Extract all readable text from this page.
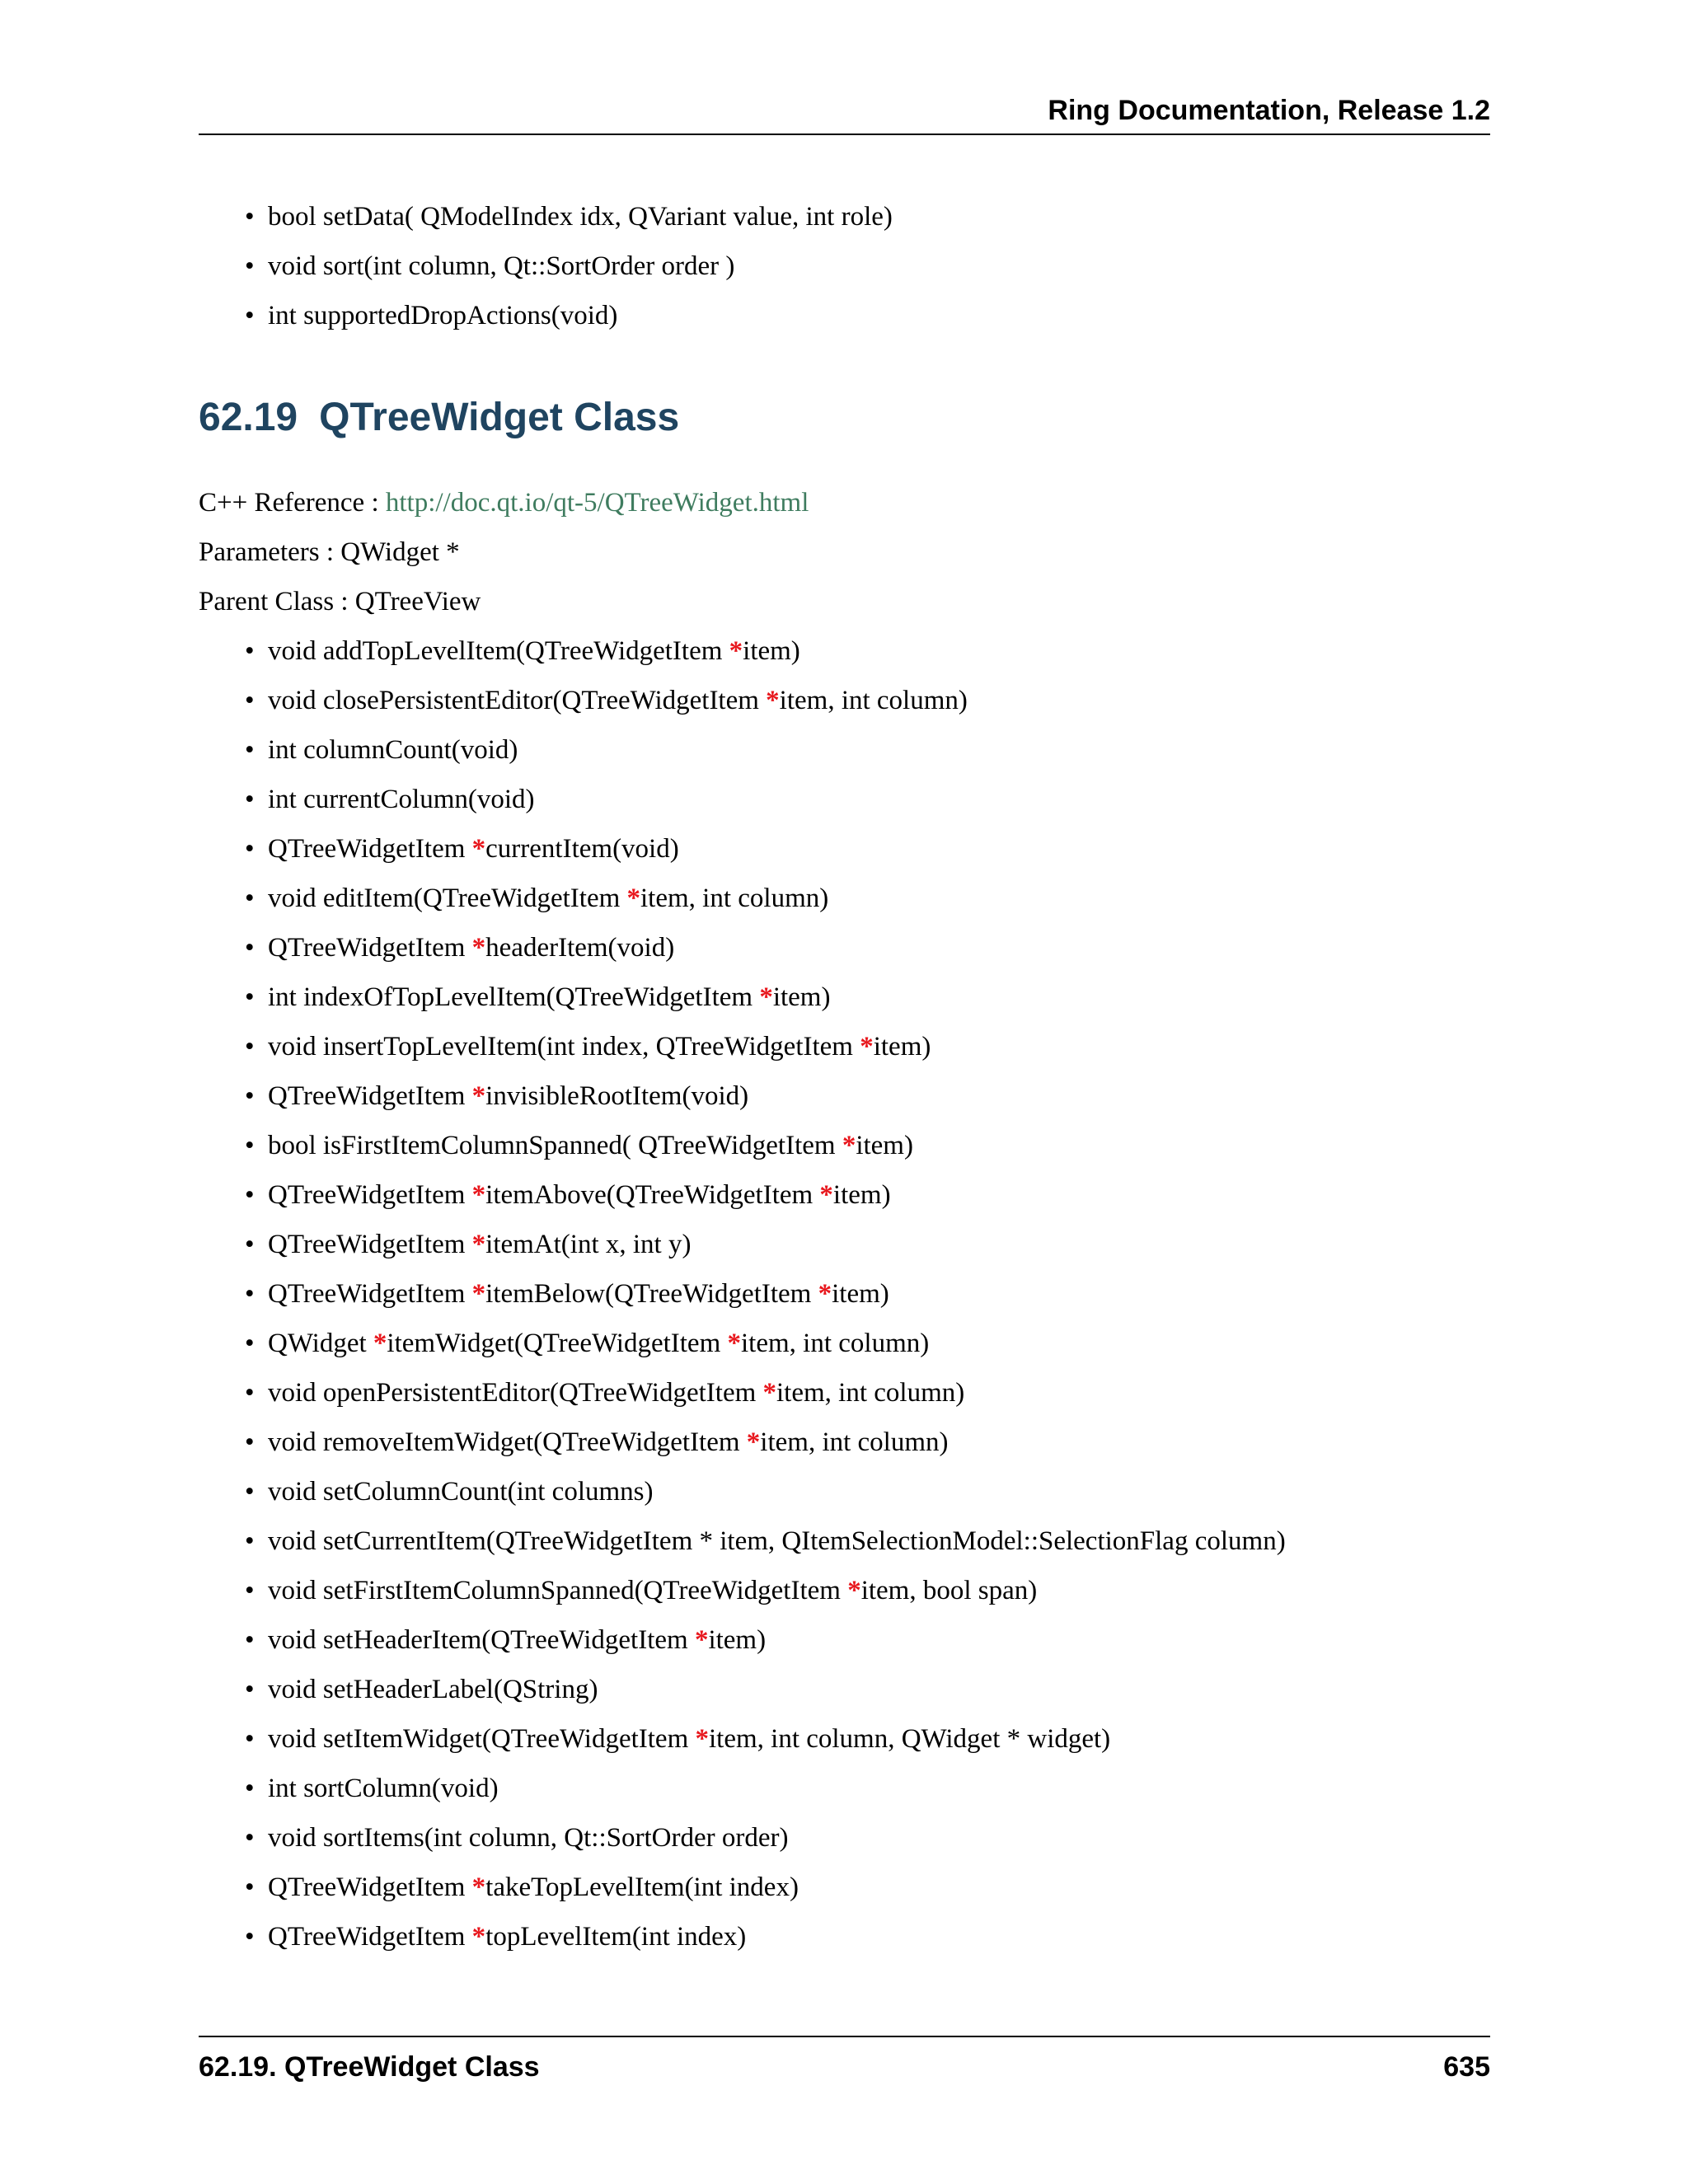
Ring Documentation, Release 1.2
• bool setData( QModelIndex idx, QVariant value, int role)
• void sort(int column, Qt::SortOrder order )
• int supportedDropActions(void)
62.19 QTreeWidget Class

C++ Reference : http://doc.qt.io/qt-5/QTreeWidget.html

Parameters : QWidget *

Parent Class : QTreeView

• void addTopLevelItem(QTreeWidgetItem *item)
• void closePersistentEditor(QTreeWidgetItem *item, int column)
• int columnCount(void)
• int currentColumn(void)
• QTreeWidgetItem *currentItem(void)
• void editItem(QTreeWidgetItem *item, int column)
• QTreeWidgetItem *headerItem(void)
• int indexOfTopLevelItem(QTreeWidgetItem *item)
• void insertTopLevelItem(int index, QTreeWidgetItem *item)
• QTreeWidgetItem *invisibleRootItem(void)
• bool isFirstItemColumnSpanned( QTreeWidgetItem *item)
• QTreeWidgetItem *itemAbove(QTreeWidgetItem *item)
• QTreeWidgetItem *itemAt(int x, int y)
• QTreeWidgetItem *itemBelow(QTreeWidgetItem *item)
• QWidget *itemWidget(QTreeWidgetItem *item, int column)
• void openPersistentEditor(QTreeWidgetItem *item, int column)
• void removeItemWidget(QTreeWidgetItem *item, int column)
• void setColumnCount(int columns)
• void setCurrentItem(QTreeWidgetItem * item, QItemSelectionModel::SelectionFlag column)
• void setFirstItemColumnSpanned(QTreeWidgetItem *item, bool span)
• void setHeaderItem(QTreeWidgetItem *item)
• void setHeaderLabel(QString)
• void setItemWidget(QTreeWidgetItem *item, int column, QWidget * widget)
• int sortColumn(void)
• void sortItems(int column, Qt::SortOrder order)
• QTreeWidgetItem *takeTopLevelItem(int index)
• QTreeWidgetItem *topLevelItem(int index)
62.19. QTreeWidget Class	635
